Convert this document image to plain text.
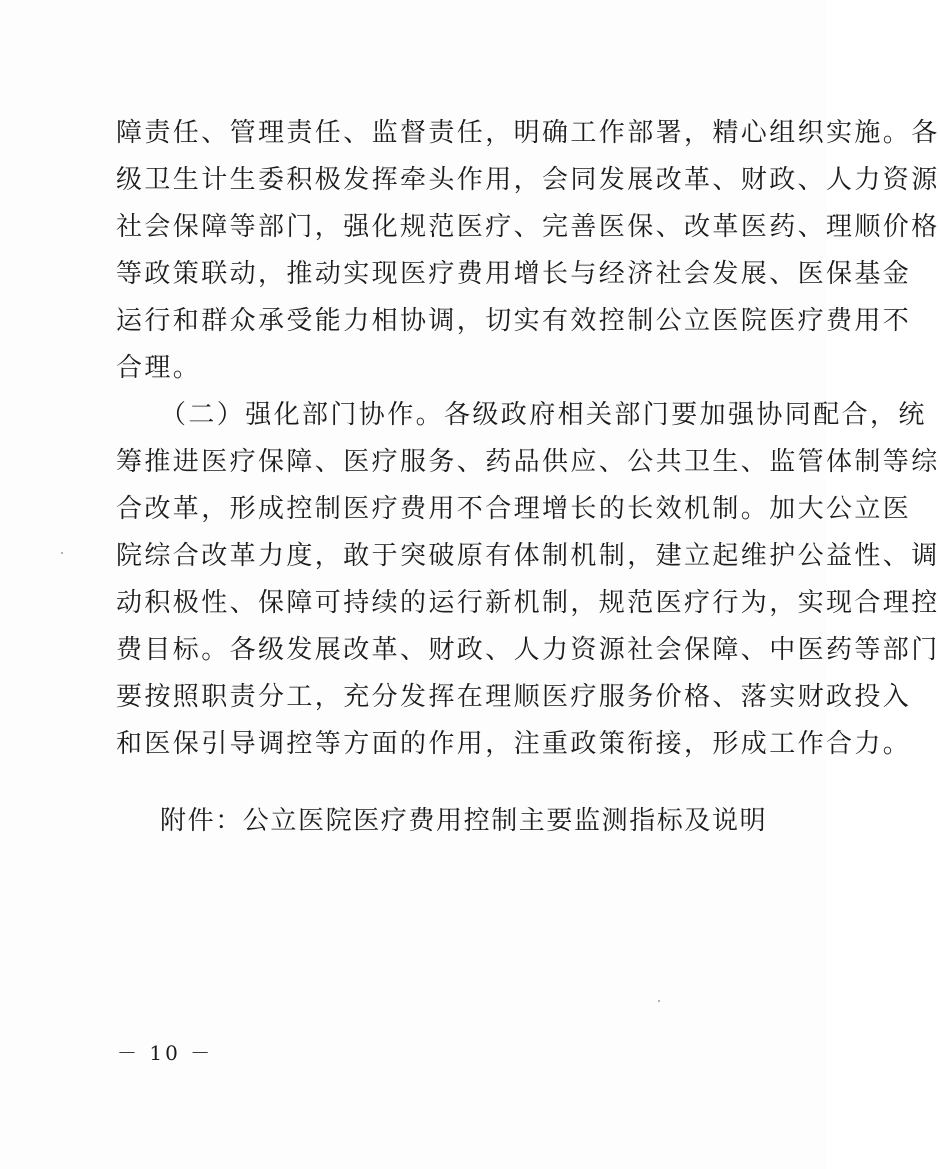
障责任、管理责任、监督责任，明确工作部署，精心组织实施。各
级卫生计生委积极发挥牵头作用，会同发展改革、财政、人力资源
社会保障等部门，强化规范医疗、完善医保、改革医药、理顺价格
等政策联动，推动实现医疗费用增长与经济社会发展、医保基金
运行和群众承受能力相协调，切实有效控制公立医院医疗费用不
合理。
（二）强化部门协作。各级政府相关部门要加强协同配合，统
筹推进医疗保障、医疗服务、药品供应、公共卫生、监管体制等综
合改革，形成控制医疗费用不合理增长的长效机制。加大公立医
院综合改革力度，敢于突破原有体制机制，建立起维护公益性、调
动积极性、保障可持续的运行新机制，规范医疗行为，实现合理控
费目标。各级发展改革、财政、人力资源社会保障、中医药等部门
要按照职责分工，充分发挥在理顺医疗服务价格、落实财政投入
和医保引导调控等方面的作用，注重政策衔接，形成工作合力。
附件：公立医院医疗费用控制主要监测指标及说明
－ 10 －
